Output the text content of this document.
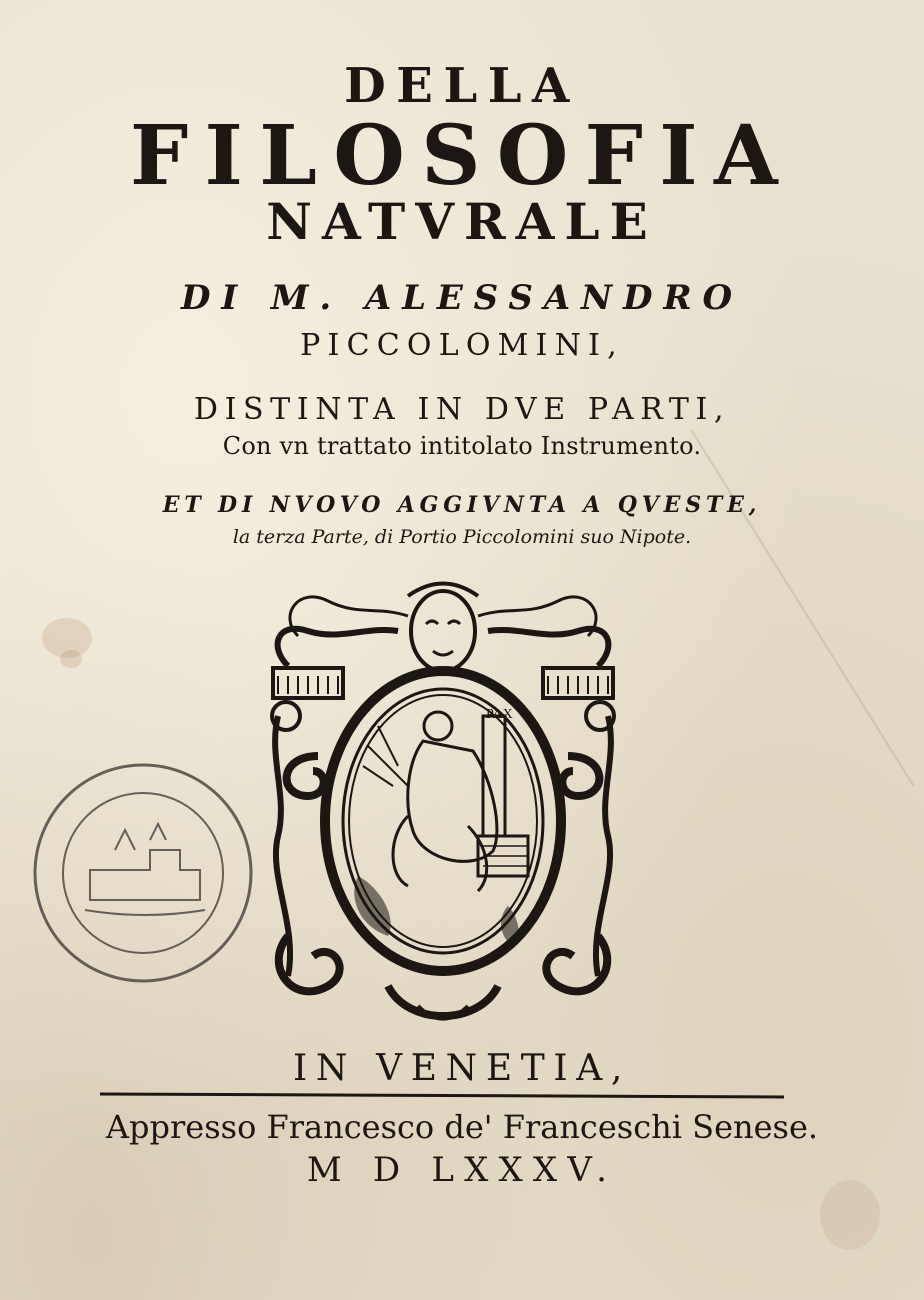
DELLA
FILOSOFIA
NATVRALE
DI M. ALESSANDRO
PICCOLOMINI,
DISTINTA IN DVE PARTI,
Con vn trattato intitolato Instrumento.
ET DI NVOVO AGGIVNTA A QVESTE,
la terza Parte, di Portio Piccolomini suo Nipote.
PAX
IN VENETIA,
Appresso Francesco de' Franceschi Senese.
M D LXXXV.
